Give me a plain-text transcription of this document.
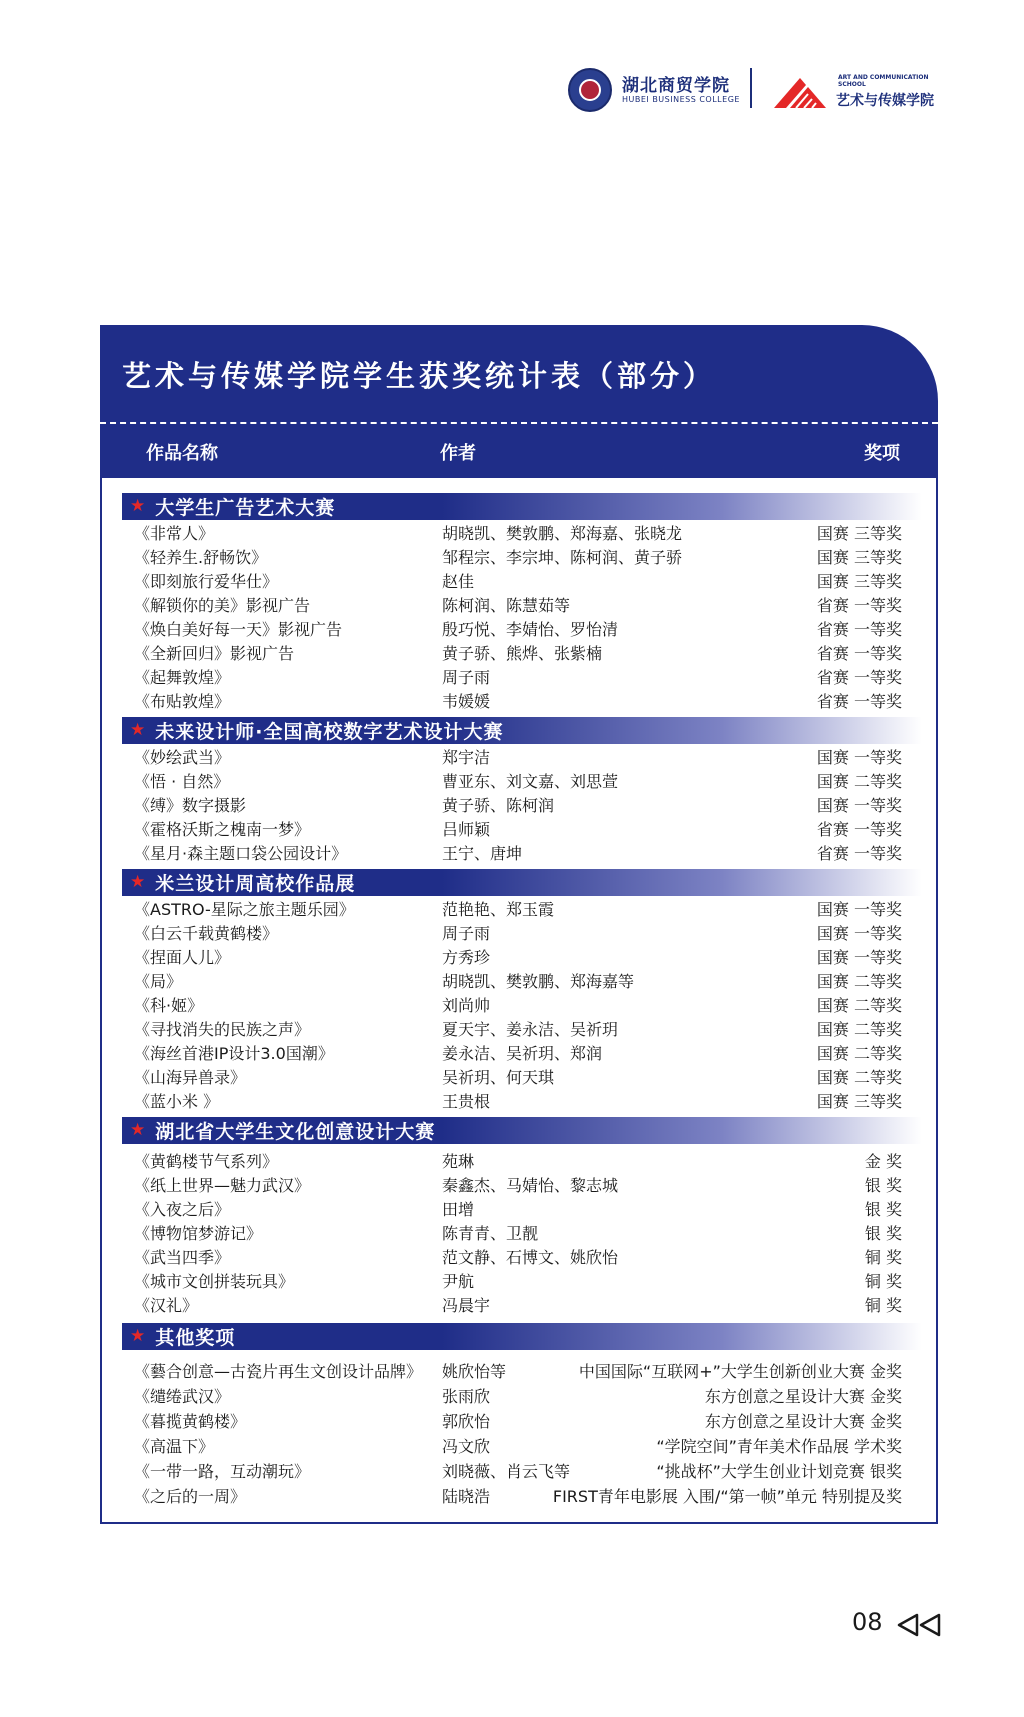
湖北商贸学院
HUBEI BUSINESS COLLEGE
ART AND COMMUNICATION SCHOOL
艺术与传媒学院
艺术与传媒学院学生获奖统计表（部分）
作品名称	作者	奖项
★ 大学生广告艺术大赛
《非常人》	胡晓凯、樊敦鹏、郑海嘉、张晓龙	国赛 三等奖
《轻养生.舒畅饮》	邹程宗、李宗坤、陈柯润、黄子骄	国赛 三等奖
《即刻旅行爱华仕》	赵佳	国赛 三等奖
《解锁你的美》影视广告	陈柯润、陈慧茹等	省赛 一等奖
《焕白美好每一天》影视广告	殷巧悦、李婧怡、罗怡清	省赛 一等奖
《全新回归》影视广告	黄子骄、熊烨、张紫楠	省赛 一等奖
《起舞敦煌》	周子雨	省赛 一等奖
《布贴敦煌》	韦媛媛	省赛 一等奖
★ 未来设计师·全国高校数字艺术设计大赛
《妙绘武当》	郑宇洁	国赛 一等奖
《悟 · 自然》	曹亚东、刘文嘉、刘思萱	国赛 二等奖
《缚》数字摄影	黄子骄、陈柯润	国赛 一等奖
《霍格沃斯之槐南一梦》	吕师颖	省赛 一等奖
《星月·森主题口袋公园设计》	王宁、唐坤	省赛 一等奖
★ 米兰设计周高校作品展
《ASTRO-星际之旅主题乐园》	范艳艳、郑玉霞	国赛 一等奖
《白云千载黄鹤楼》	周子雨	国赛 一等奖
《捏面人儿》	方秀珍	国赛 一等奖
《局》	胡晓凯、樊敦鹏、郑海嘉等	国赛 二等奖
《科·姬》	刘尚帅	国赛 二等奖
《寻找消失的民族之声》	夏天宇、姜永洁、吴祈玥	国赛 二等奖
《海丝首港IP设计3.0国潮》	姜永洁、吴祈玥、郑润	国赛 二等奖
《山海异兽录》	吴祈玥、何天琪	国赛 二等奖
《蓝小米 》	王贵根	国赛 三等奖
★ 湖北省大学生文化创意设计大赛
《黄鹤楼节气系列》	苑琳	金 奖
《纸上世界—魅力武汉》	秦鑫杰、马婧怡、黎志城	银 奖
《入夜之后》	田增	银 奖
《博物馆梦游记》	陈青青、卫靓	银 奖
《武当四季》	范文静、石博文、姚欣怡	铜 奖
《城市文创拼装玩具》	尹航	铜 奖
《汉礼》	冯晨宇	铜 奖
★ 其他奖项
《藝合创意—古瓷片再生文创设计品牌》 姚欣怡等	中国国际“互联网+”大学生创新创业大赛 金奖
《缱绻武汉》	张雨欣	东方创意之星设计大赛 金奖
《暮揽黄鹤楼》	郭欣怡	东方创意之星设计大赛 金奖
《高温下》	冯文欣	“学院空间”青年美术作品展 学术奖
《一带一路，互动潮玩》	刘晓薇、肖云飞等	“挑战杯”大学生创业计划竞赛 银奖
《之后的一周》	陆晓浩	FIRST青年电影展 入围/“第一帧”单元 特别提及奖
08
